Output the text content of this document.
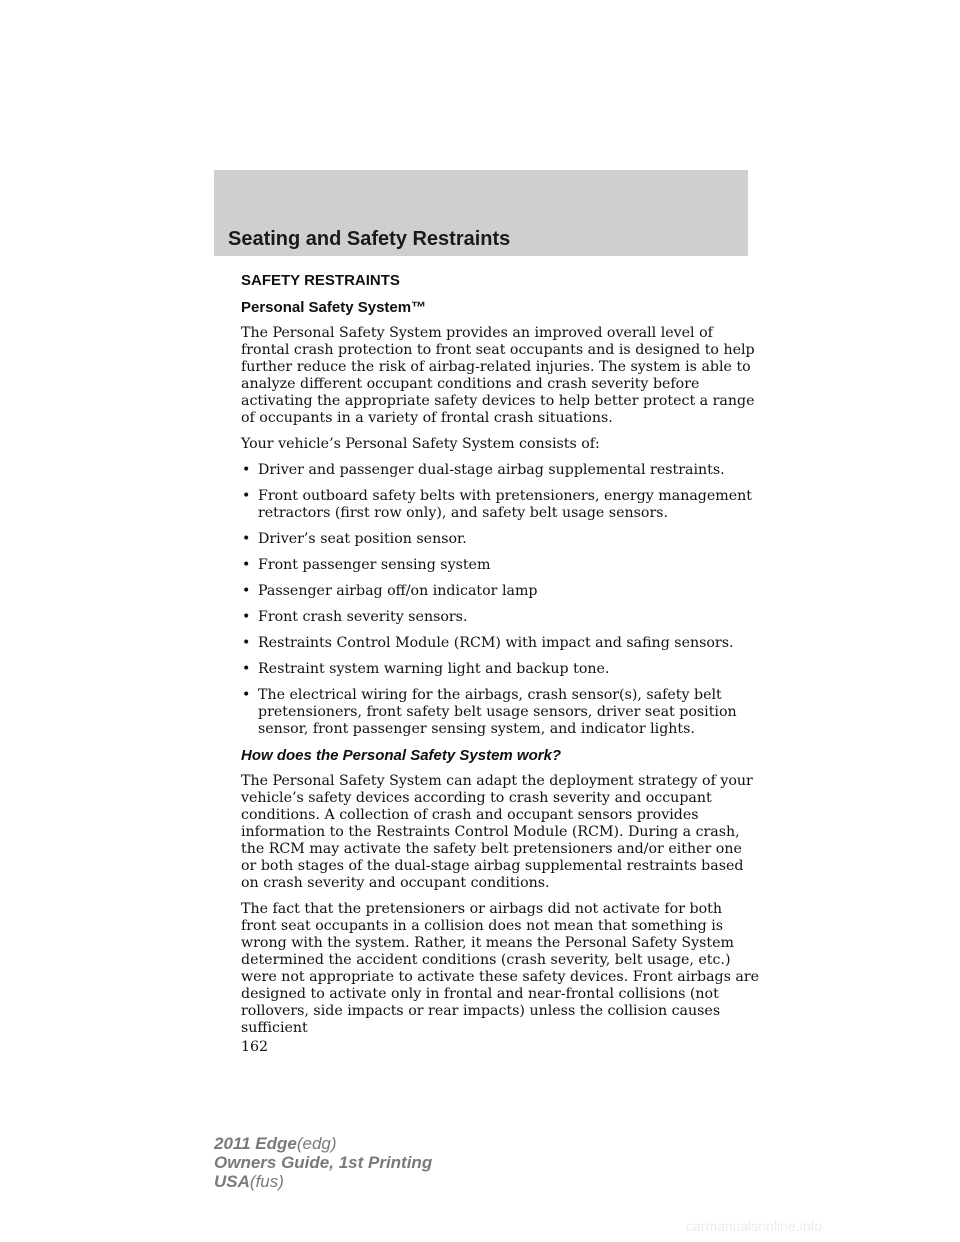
Seating and Safety Restraints
SAFETY RESTRAINTS
Personal Safety System™

The Personal Safety System provides an improved overall level of frontal crash protection to front seat occupants and is designed to help further reduce the risk of airbag-related injuries. The system is able to analyze different occupant conditions and crash severity before activating the appropriate safety devices to help better protect a range of occupants in a variety of frontal crash situations.

Your vehicle’s Personal Safety System consists of:

• Driver and passenger dual-stage airbag supplemental restraints.
• Front outboard safety belts with pretensioners, energy management retractors (first row only), and safety belt usage sensors.
• Driver’s seat position sensor.
• Front passenger sensing system
• Passenger airbag off/on indicator lamp
• Front crash severity sensors.
• Restraints Control Module (RCM) with impact and safing sensors.
• Restraint system warning light and backup tone.
• The electrical wiring for the airbags, crash sensor(s), safety belt pretensioners, front safety belt usage sensors, driver seat position sensor, front passenger sensing system, and indicator lights.
How does the Personal Safety System work?

The Personal Safety System can adapt the deployment strategy of your vehicle’s safety devices according to crash severity and occupant conditions. A collection of crash and occupant sensors provides information to the Restraints Control Module (RCM). During a crash, the RCM may activate the safety belt pretensioners and/or either one or both stages of the dual-stage airbag supplemental restraints based on crash severity and occupant conditions.

The fact that the pretensioners or airbags did not activate for both front seat occupants in a collision does not mean that something is wrong with the system. Rather, it means the Personal Safety System determined the accident conditions (crash severity, belt usage, etc.) were not appropriate to activate these safety devices. Front airbags are designed to activate only in frontal and near-frontal collisions (not rollovers, side impacts or rear impacts) unless the collision causes sufficient

162
2011 Edge(edg)
Owners Guide, 1st Printing
USA(fus)
carmanualsonline.info
